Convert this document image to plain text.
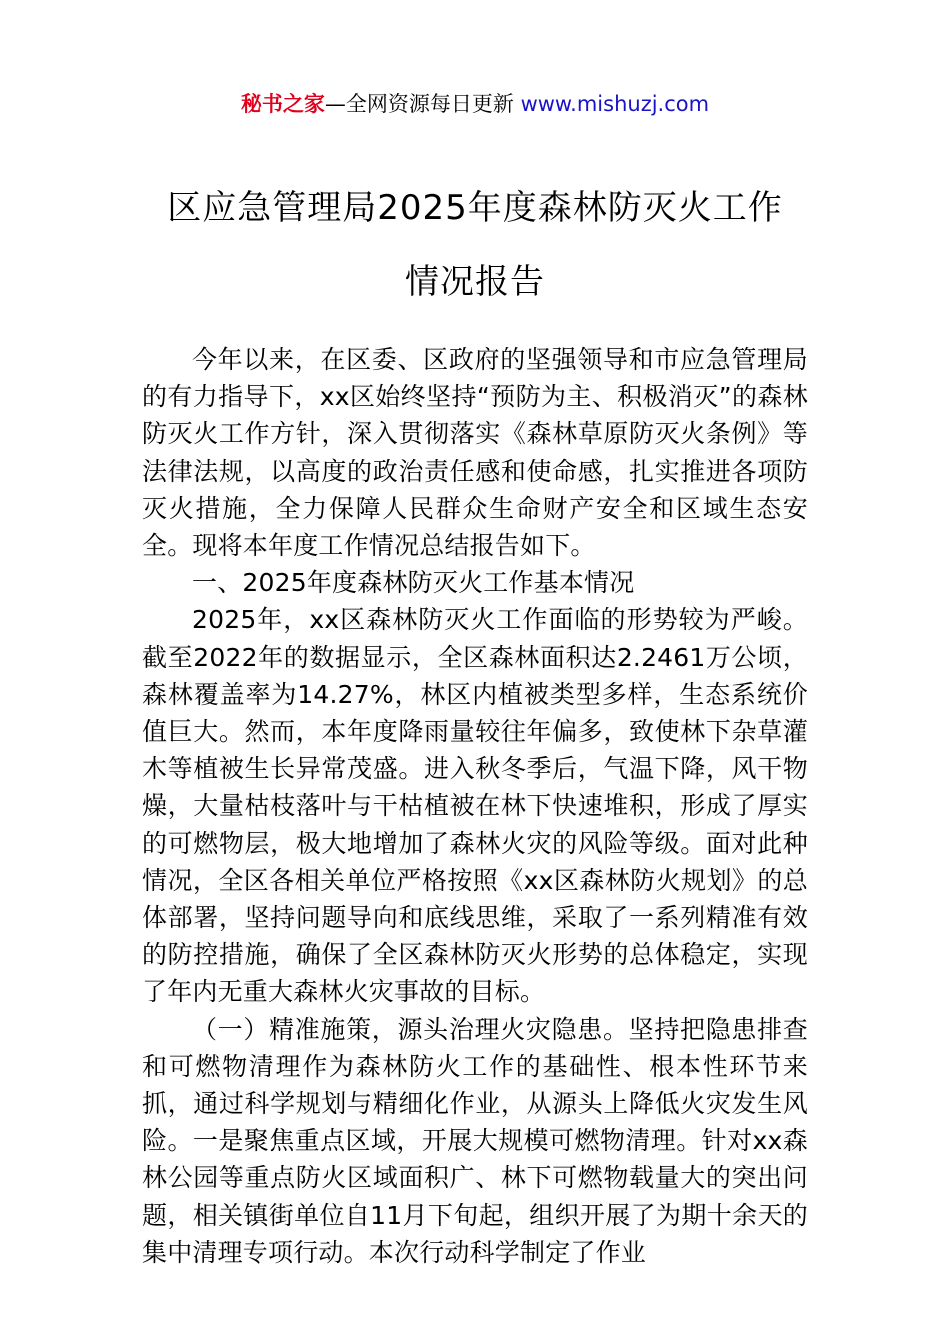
秘书之家—全网资源每日更新 www.mishuzj.com
区应急管理局2025年度森林防灭火工作
情况报告

今年以来，在区委、区政府的坚强领导和市应急管理局的有力指导下，xx区始终坚持“预防为主、积极消灭”的森林防灭火工作方针，深入贯彻落实《森林草原防灭火条例》等法律法规，以高度的政治责任感和使命感，扎实推进各项防灭火措施，全力保障人民群众生命财产安全和区域生态安全。现将本年度工作情况总结报告如下。

一、2025年度森林防灭火工作基本情况

2025年，xx区森林防灭火工作面临的形势较为严峻。截至2022年的数据显示，全区森林面积达2.2461万公顷，森林覆盖率为14.27%，林区内植被类型多样，生态系统价值巨大。然而，本年度降雨量较往年偏多，致使林下杂草灌木等植被生长异常茂盛。进入秋冬季后，气温下降，风干物燥，大量枯枝落叶与干枯植被在林下快速堆积，形成了厚实的可燃物层，极大地增加了森林火灾的风险等级。面对此种情况，全区各相关单位严格按照《xx区森林防火规划》的总体部署，坚持问题导向和底线思维，采取了一系列精准有效的防控措施，确保了全区森林防灭火形势的总体稳定，实现了年内无重大森林火灾事故的目标。

（一）精准施策，源头治理火灾隐患。坚持把隐患排查和可燃物清理作为森林防火工作的基础性、根本性环节来抓，通过科学规划与精细化作业，从源头上降低火灾发生风险。一是聚焦重点区域，开展大规模可燃物清理。针对xx森林公园等重点防火区域面积广、林下可燃物载量大的突出问题，相关镇街单位自11月下旬起，组织开展了为期十余天的集中清理专项行动。本次行动科学制定了作业
